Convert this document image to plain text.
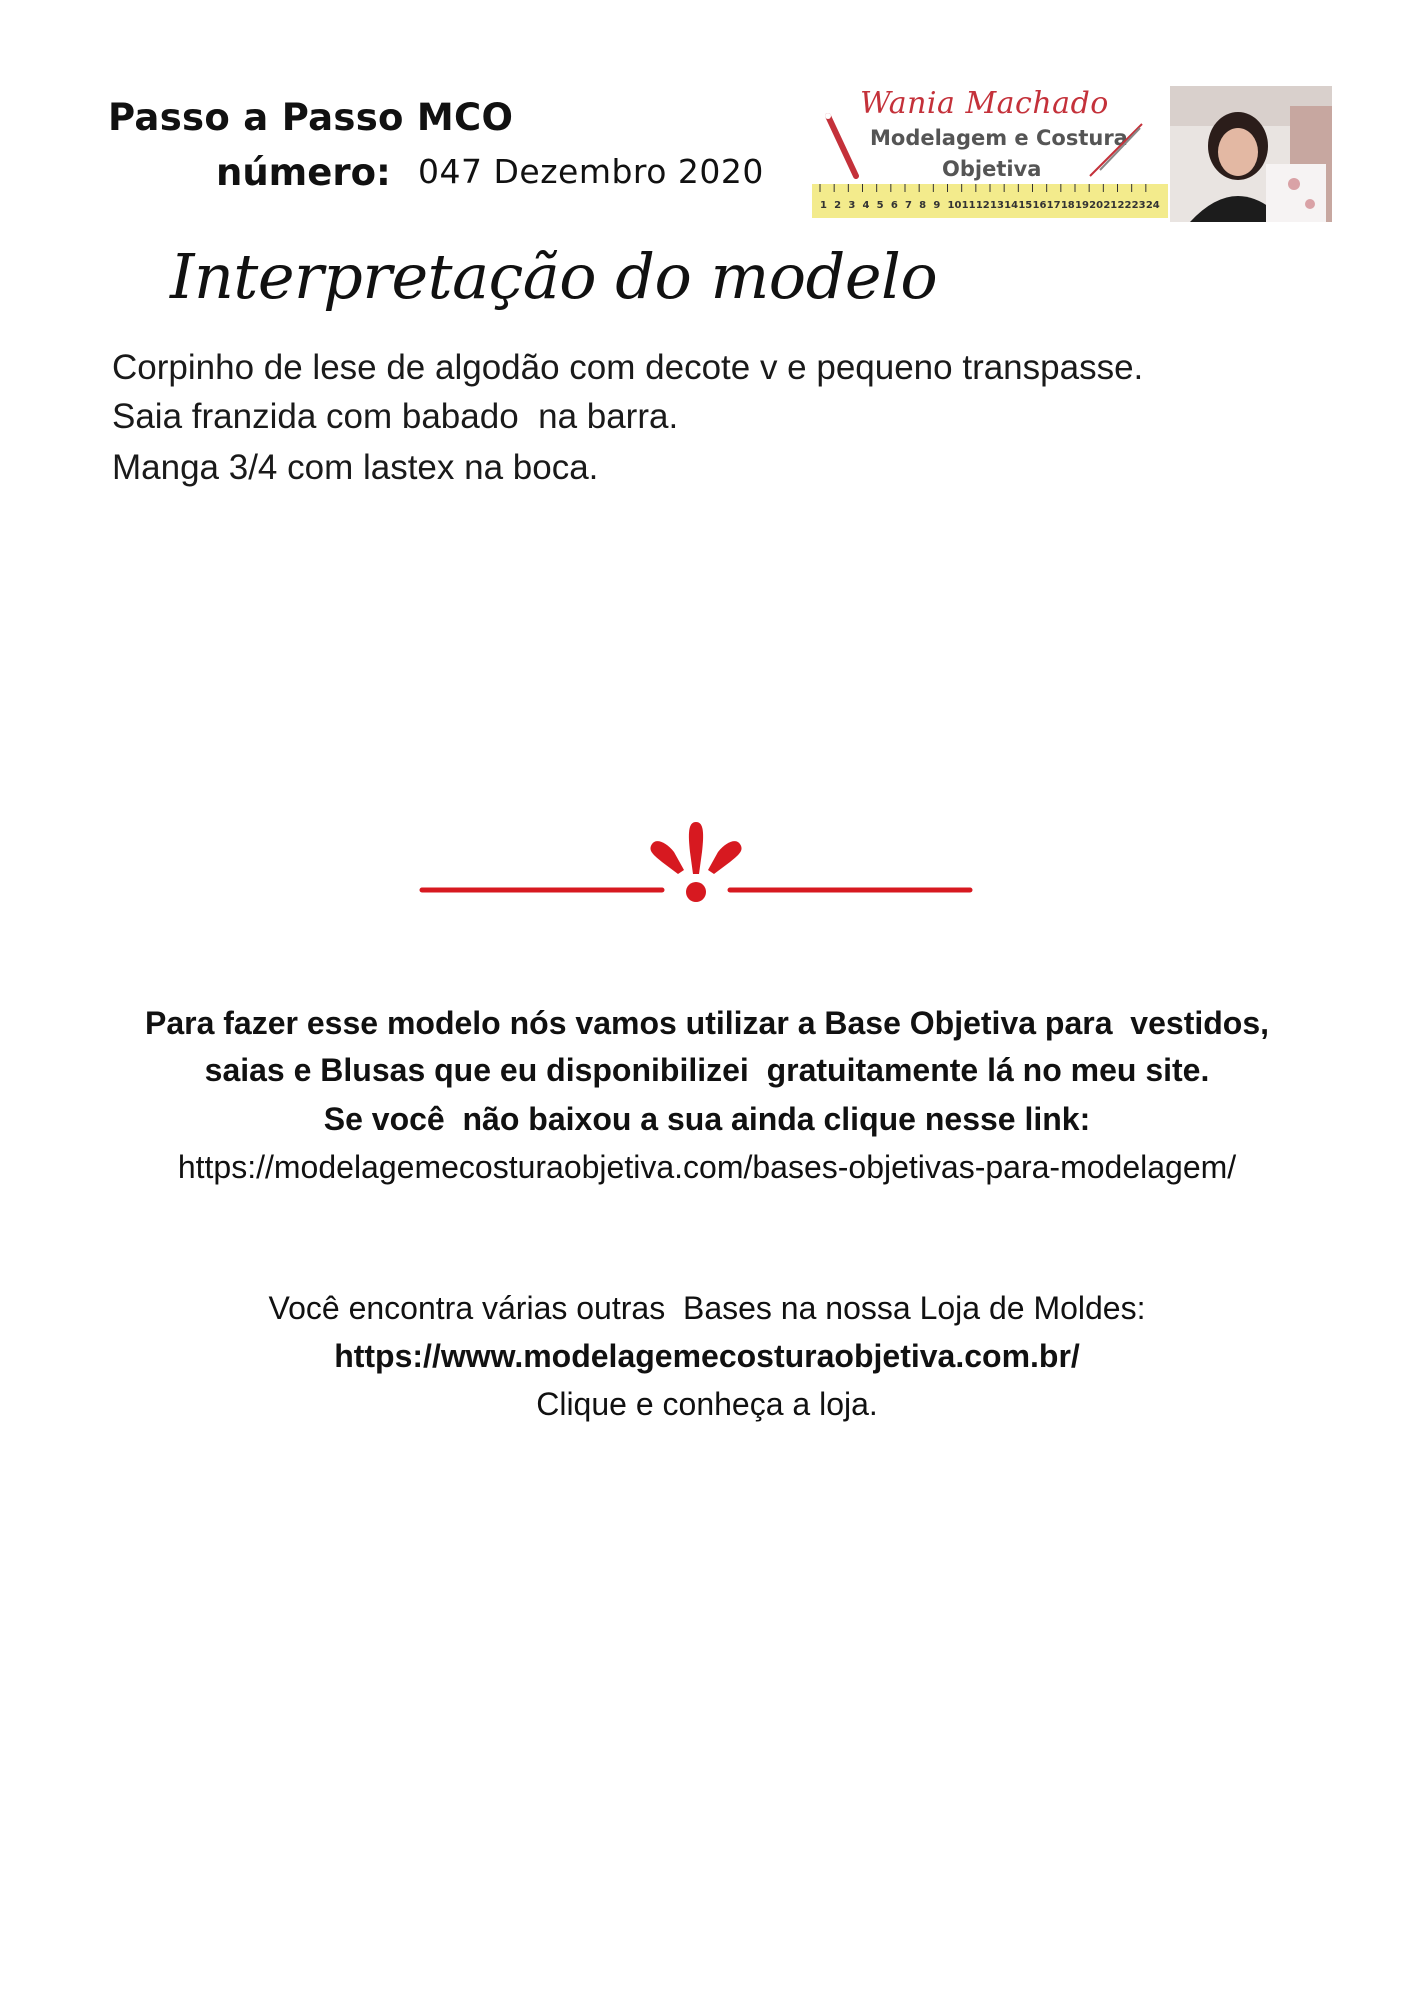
Passo a Passo MCO
número: 047 Dezembro 2020
Wania Machado
Modelagem e Costura
Objetiva
1 2 3 4 5 6 7 8 9 10 11 12 13 14 15 16 17 18 19 20 21 22 23 24
Interpretação do modelo
Corpinho de lese de algodão com decote v e pequeno transpasse.
Saia franzida com babado  na barra.
Manga 3/4 com lastex na boca.
Para fazer esse modelo nós vamos utilizar a Base Objetiva para  vestidos,
saias e Blusas que eu disponibilizei  gratuitamente lá no meu site.
Se você  não baixou a sua ainda clique nesse link:
https://modelagemecosturaobjetiva.com/bases-objetivas-para-modelagem/
Você encontra várias outras  Bases na nossa Loja de Moldes:
https://www.modelagemecosturaobjetiva.com.br/
Clique e conheça a loja.
